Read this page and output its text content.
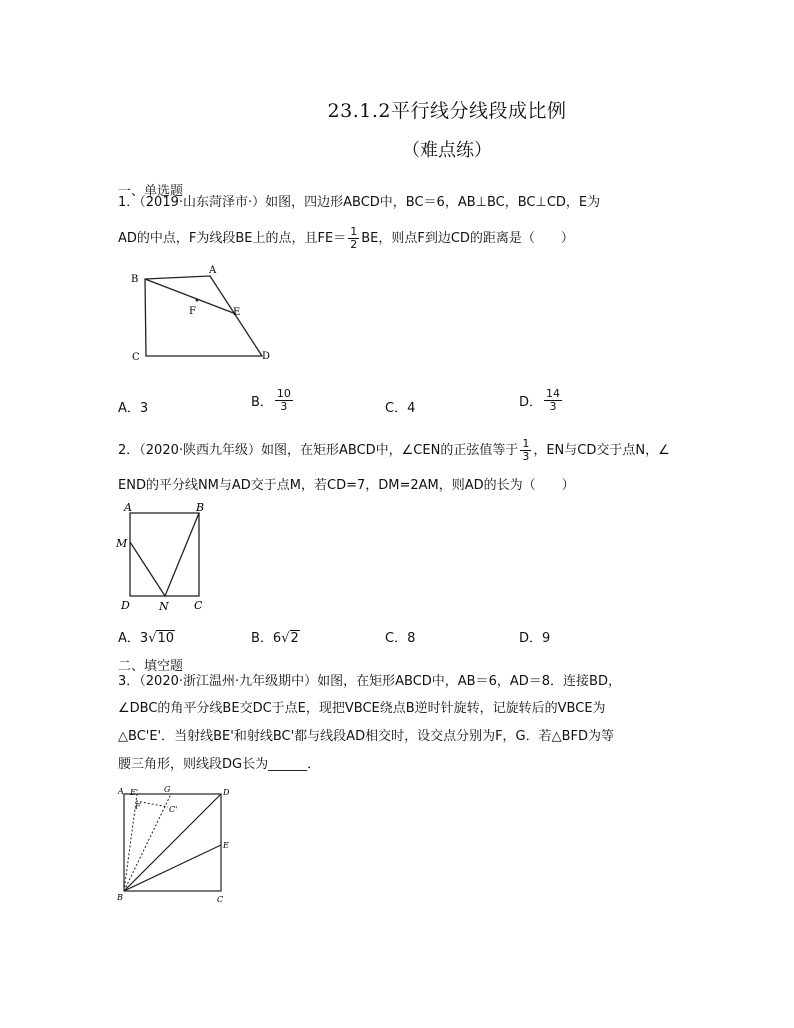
23.1.2平行线分线段成比例
（难点练）
一、单选题
1．（2019·山东菏泽市·）如图，四边形ABCD中，BC＝6，AB⊥BC，BC⊥CD，E为
AD的中点，F为线段BE上的点，且$FE= \frac{1}{2}$ BE，则点F到边CD的距离是（　　）
B
A
F	E
C	D
A．3	B． $\frac{10}{3}$	C．4	D． $\frac{14}{3}$
2．（2020·陕西九年级）如图，在矩形ABCD中，∠CEN的正弦值等于 $\frac{1}{3}$ ，EN与CD交于点N，∠
END的平分线NM与AD交于点M，若CD=7，DM=2AM，则AD的长为（　　）
A	B
M
D	N C
A．3√10	B．6√2	C．8	D．9
二、填空题
3．（2020·浙江温州·九年级期中）如图，在矩形ABCD中，AB＝6，AD＝8．连接BD，
∠DBC的角平分线BE交DC于点E，现把VBCE绕点B逆时针旋转，记旋转后的VBCE为
△BC'E'．当射线BE'和射线BC'都与线段AD相交时，设交点分别为F，G．若△BFD为等
腰三角形，则线段DG长为______．
A E'	G	D
F	C'
E
B	C
